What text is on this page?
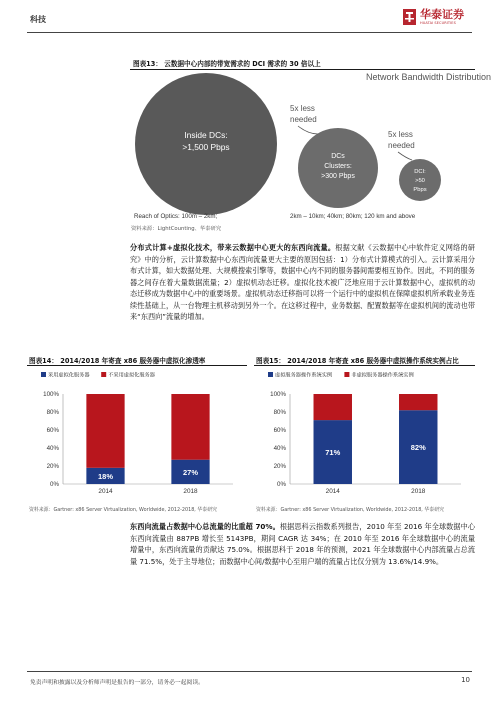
科技	华泰证券
HUATAI SECURITIES
图表13： 云数据中心内部的带宽需求的 DCI 需求的 30 倍以上
Network Bandwidth Distribution
Inside DCs:
>1,500 Pbps
DCs
Clusters:
>300 Pbps
DCI:
>50
Pbps
5x less
needed
5x less
needed
Reach of Optics: 100m – 2km;	2km – 10km; 40km; 80km; 120 km and above
资料来源：LightCounting、华泰研究
分布式计算+虚拟化技术，带来云数据中心更大的东西向流量。根据文献《云数据中心中软件定义网络的研究》中的分析，云计算数据中心东西向流量更大主要的原因包括：1）分布式计算模式的引入。云计算采用分布式计算，如大数据处理、大规模搜索引擎等，数据中心内不同的服务器间需要相互协作。因此，不同的服务器之间存在着大量数据流量；2）虚拟机动态迁移。虚拟化技术被广泛地应用于云计算数据中心，虚拟机的动态迁移成为数据中心中的重要场景。虚拟机动态迁移指可以将一个运行中的虚拟机在保障虚拟机所承载业务连续性基础上，从一台物理主机移动到另外一个。在这移过程中，业务数据、配置数据等在虚拟机间的流动也带来“东西向”流量的增加。
图表14： 2014/2018 年寄查 x86 服务器中虚拟化渗透率
采用虚拟化服务器	不采用虚拟化服务器
0%
20%
40%
60%
80%
100%
18%
2014
27%
2018
资料来源：Gartner: x86 Server Virtualization, Worldwide, 2012-2018, 华泰研究
图表15： 2014/2018 年寄查 x86 服务器中虚拟操作系统实例占比
虚拟服务器操作系统实例	非虚拟服务器操作系统实例
0%
20%
40%
60%
80%
100%
71%
2014
82%
2018
资料来源：Gartner: x86 Server Virtualization, Worldwide, 2012-2018, 华泰研究
东西向流量占数据中心总流量的比重超 70%。根据思科云指数系列报告，2010 年至 2016 年全球数据中心东西向流量由 887PB 增长至 5143PB，期间 CAGR 达 34%；在 2010 年至 2016 年全球数据中心的流量增量中，东西向流量的贡献达 75.0%。根据思科于 2018 年的预测，2021 年全球数据中心内部流量占总流量 71.5%，处于主导地位；而数据中心间/数据中心至用户端的流量占比仅分别为 13.6%/14.9%。
免责声明和披露以及分析师声明是报告的一部分，请务必一起阅读。	10
